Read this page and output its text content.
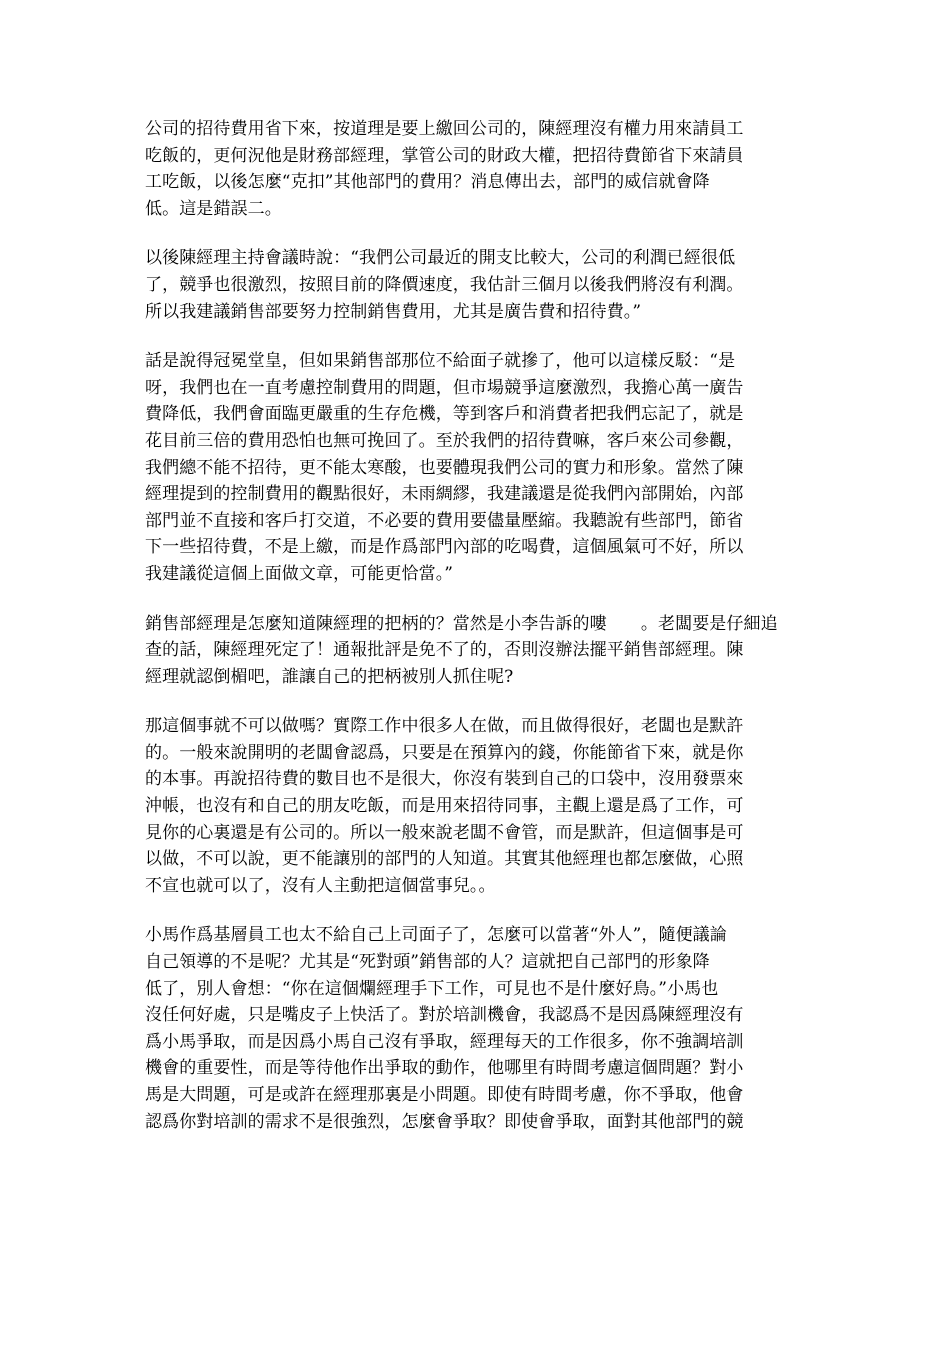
公司的招待費用省下來，按道理是要上繳回公司的，陳經理沒有權力用來請員工
吃飯的，更何況他是財務部經理，掌管公司的財政大權，把招待費節省下來請員
工吃飯，以後怎麼“克扣”其他部門的費用？消息傳出去，部門的威信就會降
低。這是錯誤二。
以後陳經理主持會議時說：“我們公司最近的開支比較大，公司的利潤已經很低
了，競爭也很激烈，按照目前的降價速度，我估計三個月以後我們將沒有利潤。
所以我建議銷售部要努力控制銷售費用，尤其是廣告費和招待費。”
話是說得冠冕堂皇，但如果銷售部那位不給面子就摻了，他可以這樣反駁：“是
呀，我們也在一直考慮控制費用的問題，但市場競爭這麼激烈，我擔心萬一廣告
費降低，我們會面臨更嚴重的生存危機，等到客戶和消費者把我們忘記了，就是
花目前三倍的費用恐怕也無可挽回了。至於我們的招待費嘛，客戶來公司參觀，
我們總不能不招待，更不能太寒酸，也要體現我們公司的實力和形象。當然了陳
經理提到的控制費用的觀點很好，未雨綢繆，我建議還是從我們內部開始，內部
部門並不直接和客戶打交道，不必要的費用要儘量壓縮。我聽說有些部門，節省
下一些招待費，不是上繳，而是作爲部門內部的吃喝費，這個風氣可不好，所以
我建議從這個上面做文章，可能更恰當。”
銷售部經理是怎麼知道陳經理的把柄的？當然是小李告訴的嘍　　。老闆要是仔細追
查的話，陳經理死定了！通報批評是免不了的，否則沒辦法擺平銷售部經理。陳
經理就認倒楣吧，誰讓自己的把柄被別人抓住呢?
那這個事就不可以做嗎？實際工作中很多人在做，而且做得很好，老闆也是默許
的。一般來說開明的老闆會認爲，只要是在預算內的錢，你能節省下來，就是你
的本事。再說招待費的數目也不是很大，你沒有裝到自己的口袋中，沒用發票來
沖帳，也沒有和自己的朋友吃飯，而是用來招待同事，主觀上還是爲了工作，可
見你的心裏還是有公司的。所以一般來說老闆不會管，而是默許，但這個事是可
以做，不可以說，更不能讓別的部門的人知道。其實其他經理也都怎麼做，心照
不宣也就可以了，沒有人主動把這個當事兒。。
小馬作爲基層員工也太不給自己上司面子了，怎麼可以當著“外人”，隨便議論
自己領導的不是呢？尤其是“死對頭”銷售部的人？這就把自己部門的形象降
低了，別人會想：“你在這個爛經理手下工作，可見也不是什麼好鳥。”小馬也
沒任何好處，只是嘴皮子上快活了。對於培訓機會，我認爲不是因爲陳經理沒有
爲小馬爭取，而是因爲小馬自己沒有爭取，經理每天的工作很多，你不強調培訓
機會的重要性，而是等待他作出爭取的動作，他哪里有時間考慮這個問題？對小
馬是大問題，可是或許在經理那裏是小問題。即使有時間考慮，你不爭取，他會
認爲你對培訓的需求不是很強烈，怎麼會爭取？即使會爭取，面對其他部門的競
